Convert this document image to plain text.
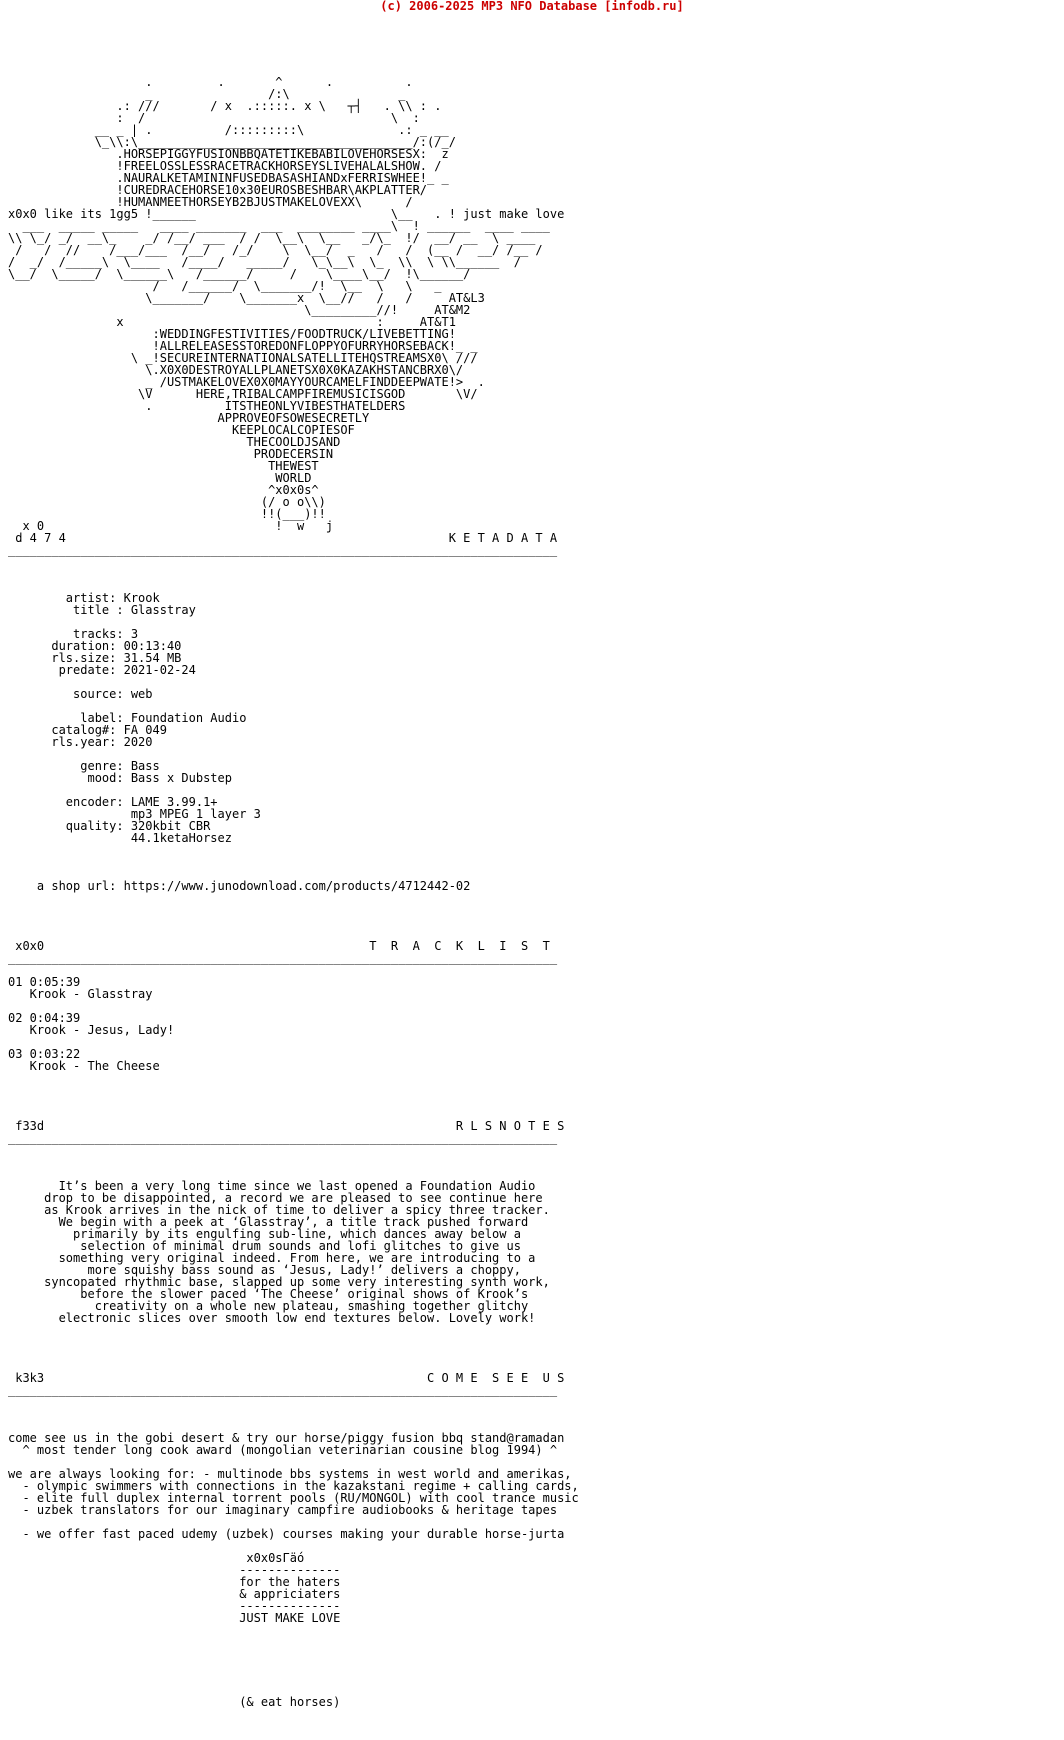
(c) 2006-2025 MP3 NFO Database [infodb.ru]
.         .       ^      .          .
_                /:\               _
.: ///       / x  .:::::. x \   ┬┤   . \\ : .
:  /                                  \  :
__ _ | .          /:::::::::\             .: _ __
\_\\:\______________________________________/:(/_/
.HORSEPIGGYFUSIONBBQATETIKEBABILOVEHORSESX:  z
!FREELOSSLESSRACETRACKHORSEYSLIVEHALALSHOW. /
.NAURALKETAMININFUSEDBASASHIANDxFERRISWHEE!_ _
!CUREDRACEHORSE10x30EUROSBESHBAR\AKPLATTER/
!HUMANMEETHORSEYB2BJUSTMAKELOVEXX\      /
x0x0 like its 1gg5 !______                           \__   . ! just make love
___  _____ _____   ____ _______  ___  ________ ____\  ! ______  ____ ____
\\ \_/ _/  __\_    _/ /__/ ___  / /  \__\  \__   _/\_  !/  __/ __  \ ____
/   /  //    /___/___  /__/   /_/    \  \__/  _   /   /  (__ /  __/ /__ /
/  _/  /_____\  \____   /____/   _____/   \_\__\  \_  \\  \ \\______  /
\__/  \_____/  \______\   /______/     /    \____\__/  !\______/
/   /______/  \_______/!  \__  \   \   _
\_______/    \_______x  \__//   /   /     AT&L3
\_________//!     AT&M2
x                                   :     AT&T1
:WEDDINGFESTIVITIES/FOODTRUCK/LIVEBETTING!
!ALLRELEASESSTOREDONFLOPPYOFURRYHORSEBACK!_ _
\ _!SECUREINTERNATIONALSATELLITEHQSTREAMSX0\ ///
\.X0X0DESTROYALLPLANETSX0X0KAZAKHSTANCBRX0\/
_ /USTMAKELOVEX0X0MAYYOURCAMELFINDDEEPWATE!>  .
\V      HERE,TRIBALCAMPFIREMUSICISGOD       \V/
.          ITSTHEONLYVIBESTHATELDERS
APPROVEOFSOWESECRETLY
KEEPLOCALCOPIESOF
THECOOLDJSAND
PRODECERSIN
THEWEST
WORLD
^x0x0s^
(/ o o\\)
!!(___)!!
x 0                                !  w   j
d 4 7 4                                                     K E T A D A T A
____________________________________________________________________________
artist: Krook
title : Glasstray
tracks: 3
duration: 00:13:40
rls.size: 31.54 MB
predate: 2021-02-24
source: web
label: Foundation Audio
catalog#: FA 049
rls.year: 2020
genre: Bass
mood: Bass x Dubstep
encoder: LAME 3.99.1+
mp3 MPEG 1 layer 3
quality: 320kbit CBR
44.1ketaHorsez
a shop url: https://www.junodownload.com/products/4712442-02
x0x0                                             T  R  A  C  K  L  I  S  T
____________________________________________________________________________
01 0:05:39
Krook - Glasstray
02 0:04:39
Krook - Jesus, Lady!
03 0:03:22
Krook - The Cheese
f33d                                                         R L S N O T E S
____________________________________________________________________________
It’s been a very long time since we last opened a Foundation Audio
drop to be disappointed, a record we are pleased to see continue here
as Krook arrives in the nick of time to deliver a spicy three tracker.
We begin with a peek at ‘Glasstray’, a title track pushed forward
primarily by its engulfing sub-line, which dances away below a
selection of minimal drum sounds and lofi glitches to give us
something very original indeed. From here, we are introducing to a
more squishy bass sound as ‘Jesus, Lady!’ delivers a choppy,
syncopated rhythmic base, slapped up some very interesting synth work,
before the slower paced ‘The Cheese’ original shows of Krook’s
creativity on a whole new plateau, smashing together glitchy
electronic slices over smooth low end textures below. Lovely work!
k3k3                                                     C O M E  S E E  U S
____________________________________________________________________________
come see us in the gobi desert & try our horse/piggy fusion bbq stand@ramadan
^ most tender long cook award (mongolian veterinarian cousine blog 1994) ^
we are always looking for: - multinode bbs systems in west world and amerikas,
- olympic swimmers with connections in the kazakstani regime + calling cards,
- elite full duplex internal torrent pools (RU/MONGOL) with cool trance music
- uzbek translators for our imaginary campfire audiobooks & heritage tapes
- we offer fast paced udemy (uzbek) courses making your durable horse-jurta
x0x0sΓäó
--------------
for the haters
& appriciaters
--------------
JUST MAKE LOVE
(& eat horses)
